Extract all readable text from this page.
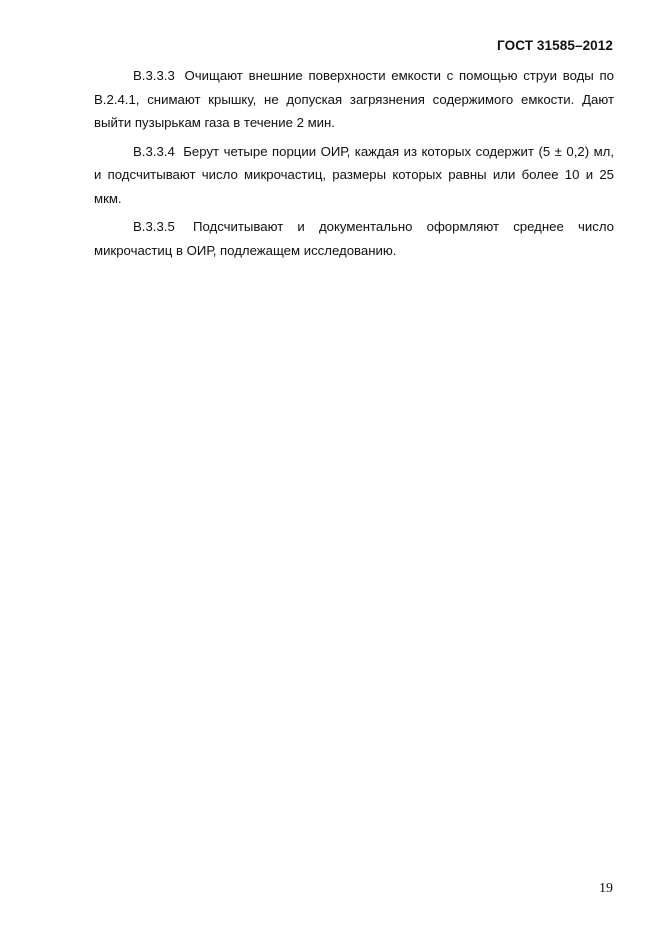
ГОСТ 31585–2012

В.3.3.3 Очищают внешние поверхности емкости с помощью струи воды по В.2.4.1, снимают крышку, не допуская загрязнения содержимого емкости. Дают выйти пузырькам газа в течение 2 мин.

В.3.3.4 Берут четыре порции ОИР, каждая из которых содержит (5 ± 0,2) мл, и подсчитывают число микрочастиц, размеры которых равны или более 10 и 25 мкм.

В.3.3.5 Подсчитывают и документально оформляют среднее число микрочастиц в ОИР, подлежащем исследованию.

19
